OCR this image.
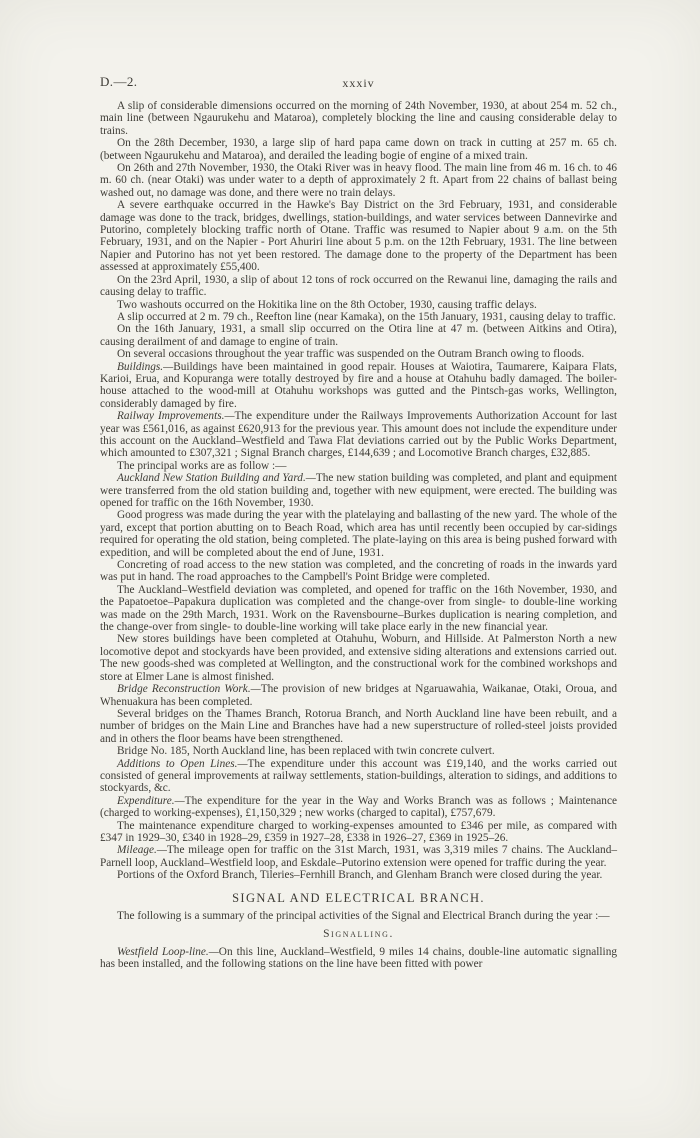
D.—2.	xxxiv

A slip of considerable dimensions occurred on the morning of 24th November, 1930, at about 254 m. 52 ch., main line (between Ngaurukehu and Mataroa), completely blocking the line and causing considerable delay to trains.

On the 28th December, 1930, a large slip of hard papa came down on track in cutting at 257 m. 65 ch. (between Ngaurukehu and Mataroa), and derailed the leading bogie of engine of a mixed train.

On 26th and 27th November, 1930, the Otaki River was in heavy flood. The main line from 46 m. 16 ch. to 46 m. 60 ch. (near Otaki) was under water to a depth of approximately 2 ft. Apart from 22 chains of ballast being washed out, no damage was done, and there were no train delays.

A severe earthquake occurred in the Hawke's Bay District on the 3rd February, 1931, and considerable damage was done to the track, bridges, dwellings, station-buildings, and water services between Dannevirke and Putorino, completely blocking traffic north of Otane. Traffic was resumed to Napier about 9 a.m. on the 5th February, 1931, and on the Napier - Port Ahuriri line about 5 p.m. on the 12th February, 1931. The line between Napier and Putorino has not yet been restored. The damage done to the property of the Department has been assessed at approximately £55,400.

On the 23rd April, 1930, a slip of about 12 tons of rock occurred on the Rewanui line, damaging the rails and causing delay to traffic.

Two washouts occurred on the Hokitika line on the 8th October, 1930, causing traffic delays.

A slip occurred at 2 m. 79 ch., Reefton line (near Kamaka), on the 15th January, 1931, causing delay to traffic.

On the 16th January, 1931, a small slip occurred on the Otira line at 47 m. (between Aitkins and Otira), causing derailment of and damage to engine of train.

On several occasions throughout the year traffic was suspended on the Outram Branch owing to floods.

Buildings.—Buildings have been maintained in good repair. Houses at Waiotira, Taumarere, Kaipara Flats, Karioi, Erua, and Kopuranga were totally destroyed by fire and a house at Otahuhu badly damaged. The boiler-house attached to the wood-mill at Otahuhu workshops was gutted and the Pintsch-gas works, Wellington, considerably damaged by fire.

Railway Improvements.—The expenditure under the Railways Improvements Authorization Account for last year was £561,016, as against £620,913 for the previous year. This amount does not include the expenditure under this account on the Auckland–Westfield and Tawa Flat deviations carried out by the Public Works Department, which amounted to £307,321 ; Signal Branch charges, £144,639 ; and Locomotive Branch charges, £32,885.

The principal works are as follow :—

Auckland New Station Building and Yard.—The new station building was completed, and plant and equipment were transferred from the old station building and, together with new equipment, were erected. The building was opened for traffic on the 16th November, 1930.

Good progress was made during the year with the platelaying and ballasting of the new yard. The whole of the yard, except that portion abutting on to Beach Road, which area has until recently been occupied by car-sidings required for operating the old station, being completed. The plate-laying on this area is being pushed forward with expedition, and will be completed about the end of June, 1931.

Concreting of road access to the new station was completed, and the concreting of roads in the inwards yard was put in hand. The road approaches to the Campbell's Point Bridge were completed.

The Auckland–Westfield deviation was completed, and opened for traffic on the 16th November, 1930, and the Papatoetoe–Papakura duplication was completed and the change-over from single- to double-line working was made on the 29th March, 1931. Work on the Ravensbourne–Burkes duplication is nearing completion, and the change-over from single- to double-line working will take place early in the new financial year.

New stores buildings have been completed at Otahuhu, Woburn, and Hillside. At Palmerston North a new locomotive depot and stockyards have been provided, and extensive siding alterations and extensions carried out. The new goods-shed was completed at Wellington, and the constructional work for the combined workshops and store at Elmer Lane is almost finished.

Bridge Reconstruction Work.—The provision of new bridges at Ngaruawahia, Waikanae, Otaki, Oroua, and Whenuakura has been completed.

Several bridges on the Thames Branch, Rotorua Branch, and North Auckland line have been rebuilt, and a number of bridges on the Main Line and Branches have had a new superstructure of rolled-steel joists provided and in others the floor beams have been strengthened.

Bridge No. 185, North Auckland line, has been replaced with twin concrete culvert.

Additions to Open Lines.—The expenditure under this account was £19,140, and the works carried out consisted of general improvements at railway settlements, station-buildings, alteration to sidings, and additions to stockyards, &c.

Expenditure.—The expenditure for the year in the Way and Works Branch was as follows ; Maintenance (charged to working-expenses), £1,150,329 ; new works (charged to capital), £757,679.

The maintenance expenditure charged to working-expenses amounted to £346 per mile, as compared with £347 in 1929–30, £340 in 1928–29, £359 in 1927–28, £338 in 1926–27, £369 in 1925–26.

Mileage.—The mileage open for traffic on the 31st March, 1931, was 3,319 miles 7 chains. The Auckland–Parnell loop, Auckland–Westfield loop, and Eskdale–Putorino extension were opened for traffic during the year.

Portions of the Oxford Branch, Tileries–Fernhill Branch, and Glenham Branch were closed during the year.

SIGNAL AND ELECTRICAL BRANCH.

The following is a summary of the principal activities of the Signal and Electrical Branch during the year :—

Signalling.

Westfield Loop-line.—On this line, Auckland–Westfield, 9 miles 14 chains, double-line automatic signalling has been installed, and the following stations on the line have been fitted with power
